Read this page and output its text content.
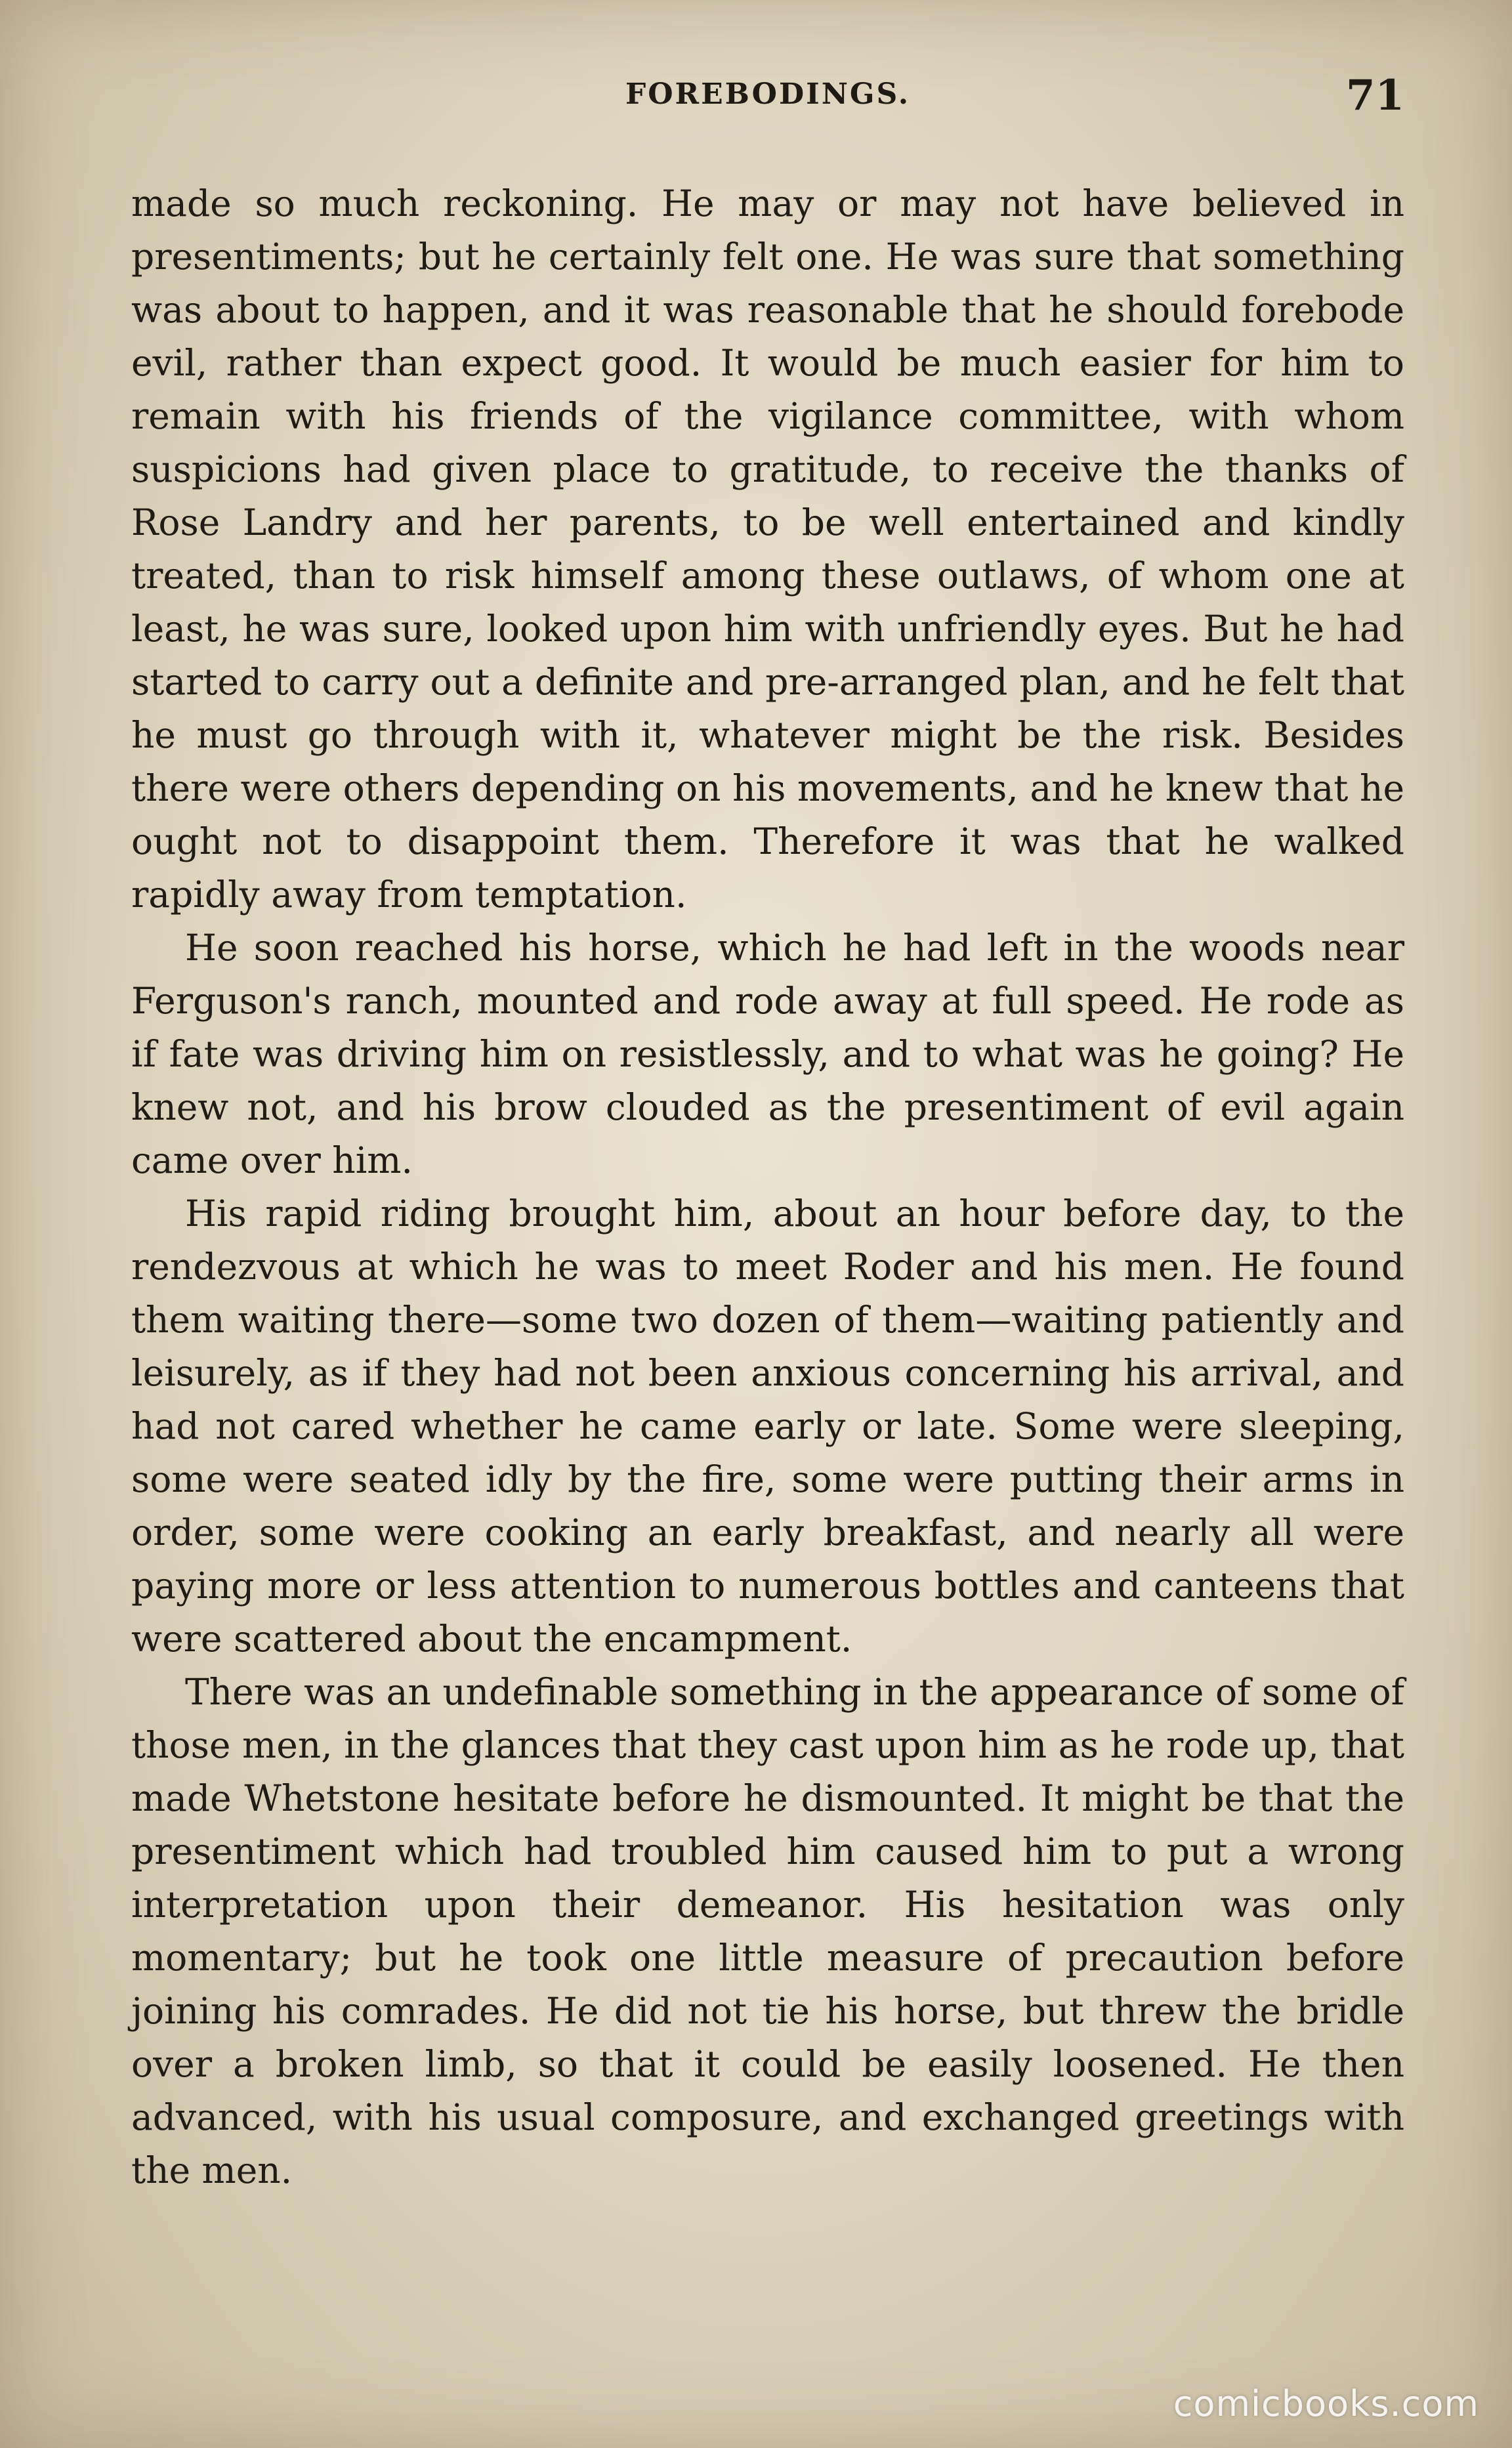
FOREBODINGS.	71

made so much reckoning. He may or may not have believed in presentiments; but he certainly felt one. He was sure that something was about to happen, and it was reasonable that he should forebode evil, rather than expect good. It would be much easier for him to remain with his friends of the vigilance committee, with whom suspicions had given place to gratitude, to receive the thanks of Rose Landry and her parents, to be well entertained and kindly treated, than to risk himself among these outlaws, of whom one at least, he was sure, looked upon him with unfriendly eyes. But he had started to carry out a definite and pre-arranged plan, and he felt that he must go through with it, whatever might be the risk. Besides there were others depending on his movements, and he knew that he ought not to disappoint them. Therefore it was that he walked rapidly away from temptation.

He soon reached his horse, which he had left in the woods near Ferguson's ranch, mounted and rode away at full speed. He rode as if fate was driving him on resistlessly, and to what was he going? He knew not, and his brow clouded as the presentiment of evil again came over him.

His rapid riding brought him, about an hour before day, to the rendezvous at which he was to meet Roder and his men. He found them waiting there—some two dozen of them—waiting patiently and leisurely, as if they had not been anxious concerning his arrival, and had not cared whether he came early or late. Some were sleeping, some were seated idly by the fire, some were putting their arms in order, some were cooking an early breakfast, and nearly all were paying more or less attention to numerous bottles and canteens that were scattered about the encampment.

There was an undefinable something in the appearance of some of those men, in the glances that they cast upon him as he rode up, that made Whetstone hesitate before he dismounted. It might be that the presentiment which had troubled him caused him to put a wrong interpretation upon their demeanor. His hesitation was only momentary; but he took one little measure of precaution before joining his comrades. He did not tie his horse, but threw the bridle over a broken limb, so that it could be easily loosened. He then advanced, with his usual composure, and exchanged greetings with the men.

comicbooks.com
